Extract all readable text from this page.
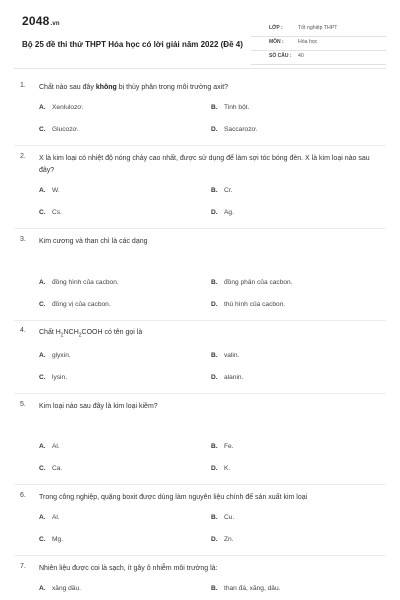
2048.vn
Bộ 25 đề thi thử THPT Hóa học có lời giải năm 2022 (Đề 4)
LỚP :	Tốt nghiệp THPT
MÔN :	Hóa học
SỐ CÂU : 40
1. Chất nào sau đây không bị thủy phân trong môi trường axit?
A. Xenlulozơ.	B. Tinh bột.
C. Glucozơ.	D. Saccarozơ.
2. X là kim loại có nhiệt độ nóng chảy cao nhất, được sử dụng để làm sợi tóc bóng đèn. X là kim loại nào sau đây?
A. W.	B. Cr.
C. Cs.	D. Ag.
3. Kim cương và than chì là các dạng
A. đồng hình của cacbon.	B. đồng phân của cacbon.
C. đồng vị của cacbon.	D. thù hình của cacbon.
4. Chất $H_2NCH_2COOH$ có tên gọi là
A. glyxin.	B. valin.
C. lysin.	D. alanin.
5. Kim loại nào sau đây là kim loại kiềm?
A. Al.	B. Fe.
C. Ca.	D. K.
6. Trong công nghiệp, quặng boxit được dùng làm nguyên liệu chính để sản xuất kim loại
A. Al.	B. Cu.
C. Mg.	D. Zn.
7. Nhiên liệu được coi là sạch, ít gây ô nhiễm môi trường là:
A. xăng dầu.	B. than đá, xăng, dầu.
